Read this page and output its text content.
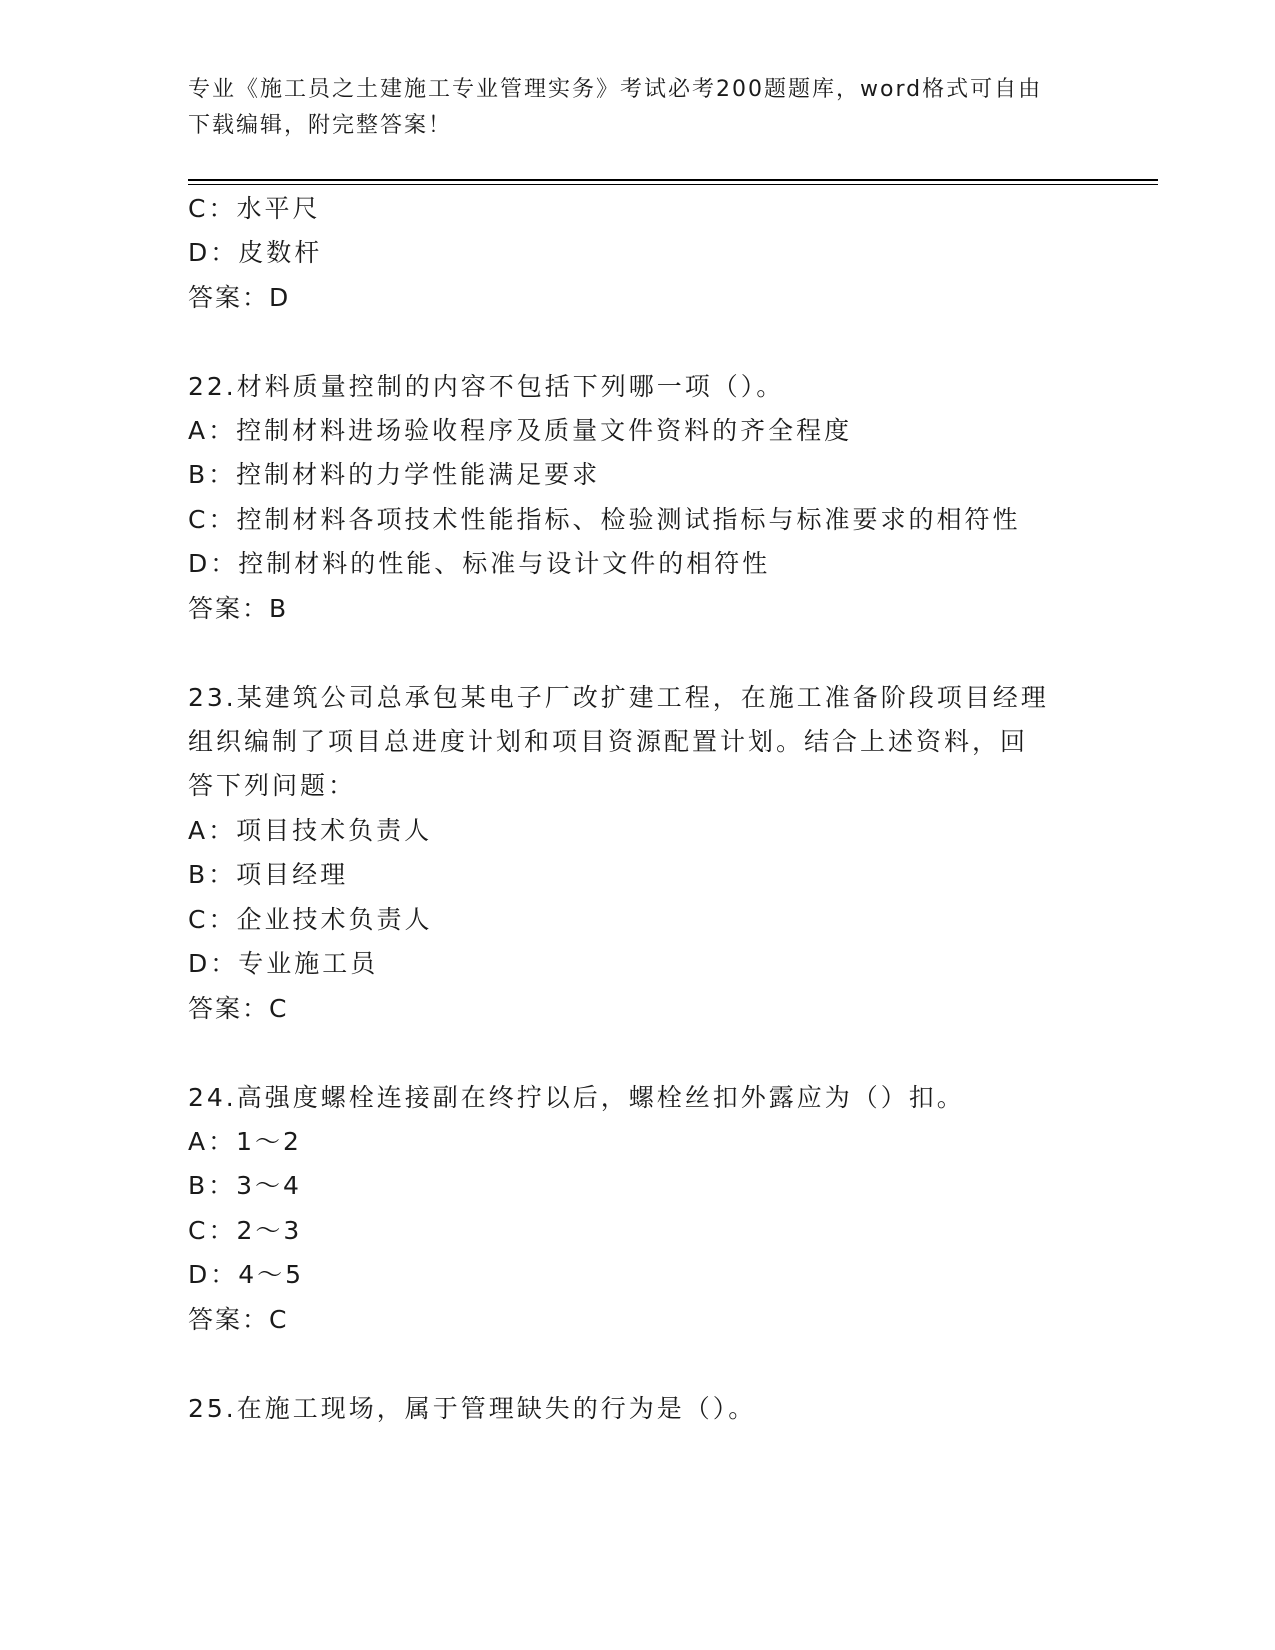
专业《施工员之土建施工专业管理实务》考试必考200题题库，word格式可自由
下载编辑，附完整答案！
C：水平尺
D：皮数杆
答案：D
22.材料质量控制的内容不包括下列哪一项（）。
A：控制材料进场验收程序及质量文件资料的齐全程度
B：控制材料的力学性能满足要求
C：控制材料各项技术性能指标、检验测试指标与标准要求的相符性
D：控制材料的性能、标准与设计文件的相符性
答案：B
23.某建筑公司总承包某电子厂改扩建工程，在施工准备阶段项目经理
组织编制了项目总进度计划和项目资源配置计划。结合上述资料，回
答下列问题：
A：项目技术负责人
B：项目经理
C：企业技术负责人
D：专业施工员
答案：C
24.高强度螺栓连接副在终拧以后，螺栓丝扣外露应为（）扣。
A：1～2
B：3～4
C：2～3
D：4～5
答案：C
25.在施工现场，属于管理缺失的行为是（）。
